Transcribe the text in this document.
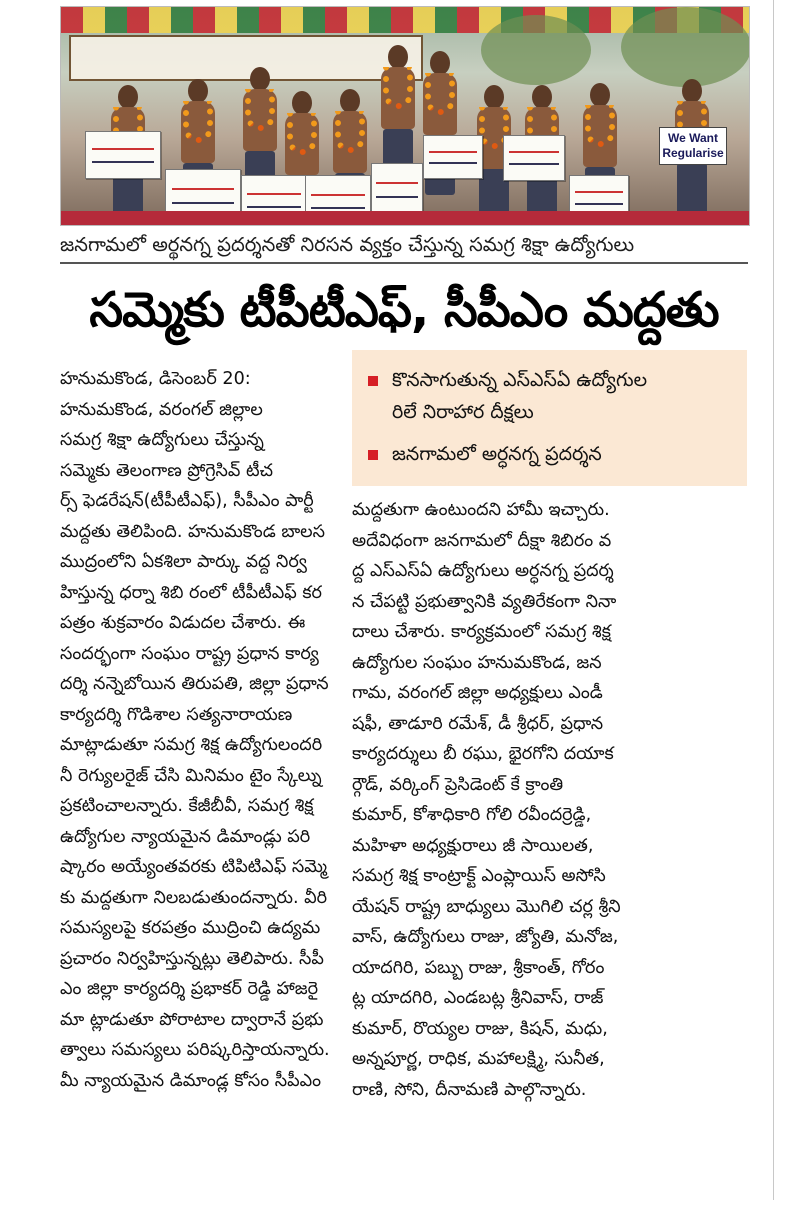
We Want Regularise
జనగామలో అర్థనగ్న ప్రదర్శనతో నిరసన వ్యక్తం చేస్తున్న సమగ్ర శిక్షా ఉద్యోగులు
సమ్మెకు టీపీటీఎఫ్, సీపీఎం మద్దతు
కొనసాగుతున్న ఎస్ఎస్ఏ ఉద్యోగుల
రిలే నిరాహార దీక్షలు
జనగామలో అర్ధనగ్న ప్రదర్శన
హనుమకొండ, డిసెంబర్ 20:
హనుమకొండ, వరంగల్ జిల్లాల
సమగ్ర శిక్షా ఉద్యోగులు చేస్తున్న
సమ్మెకు తెలంగాణ ప్రోగ్రెసివ్ టీచ
ర్స్ ఫెడరేషన్(టీపీటీఎఫ్), సీపీఎం పార్టీ
మద్దతు తెలిపింది. హనుమకొండ బాలస
ముద్రంలోని ఏకశిలా పార్కు వద్ద నిర్వ
హిస్తున్న ధర్నా శిబి రంలో టీపీటీఎఫ్ కర
పత్రం శుక్రవారం విడుదల చేశారు. ఈ
సందర్భంగా సంఘం రాష్ట్ర ప్రధాన కార్య
దర్శి నన్నెబోయిన తిరుపతి, జిల్లా ప్రధాన
కార్యదర్శి గొడిశాల సత్యనారాయణ
మాట్లాడుతూ సమగ్ర శిక్ష ఉద్యోగులందరి
నీ రెగ్యులరైజ్ చేసి మినిమం టైం స్కేల్ను
ప్రకటించాలన్నారు. కేజీబీవీ, సమగ్ర శిక్ష
ఉద్యోగుల న్యాయమైన డిమాండ్లు పరి
ష్కారం అయ్యేంతవరకు టిపిటిఎఫ్ సమ్మె
కు మద్దతుగా నిలబడుతుందన్నారు. వీరి
సమస్యలపై కరపత్రం ముద్రించి ఉద్యమ
ప్రచారం నిర్వహిస్తున్నట్లు తెలిపారు. సీపీ
ఎం జిల్లా కార్యదర్శి ప్రభాకర్ రెడ్డి హాజరై
మా ట్లాడుతూ పోరాటాల ద్వారానే ప్రభు
త్వాలు సమస్యలు పరిష్కరిస్తాయన్నారు.
మీ న్యాయమైన డిమాండ్ల కోసం సీపీఎం
మద్దతుగా ఉంటుందని హామీ ఇచ్చారు.
అదేవిధంగా జనగామలో దీక్షా శిబిరం వ
ద్ద ఎస్ఎస్ఏ ఉద్యోగులు అర్ధనగ్న ప్రదర్శ
న చేపట్టి ప్రభుత్వానికి వ్యతిరేకంగా నినా
దాలు చేశారు. కార్యక్రమంలో సమగ్ర శిక్ష
ఉద్యోగుల సంఘం హనుమకొండ, జన
గామ, వరంగల్ జిల్లా అధ్యక్షులు ఎండీ
షఫీ, తాడూరి రమేశ్, డీ శ్రీధర్, ప్రధాన
కార్యదర్శులు బీ రఘు, భైరగోని దయాక
ర్గౌడ్, వర్కింగ్ ప్రెసిడెంట్ కే క్రాంతి
కుమార్, కోశాధికారి గోలి రవీందర్రెడ్డి,
మహిళా అధ్యక్షురాలు జీ సాయిలత,
సమగ్ర శిక్ష కాంట్రాక్ట్ ఎంప్లాయిస్ అసోసి
యేషన్ రాష్ట్ర బాధ్యులు మొగిలి చర్ల శ్రీని
వాస్, ఉద్యోగులు రాజు, జ్యోతి, మనోజ,
యాదగిరి, పబ్బు రాజు, శ్రీకాంత్, గోరం
ట్ల యాదగిరి, ఎండబట్ల శ్రీనివాస్, రాజ్
కుమార్, రొయ్యల రాజు, కిషన్, మధు,
అన్నపూర్ణ, రాధిక, మహాలక్ష్మి, సునీత,
రాణి, సోని, దీనామణి పాల్గొన్నారు.
